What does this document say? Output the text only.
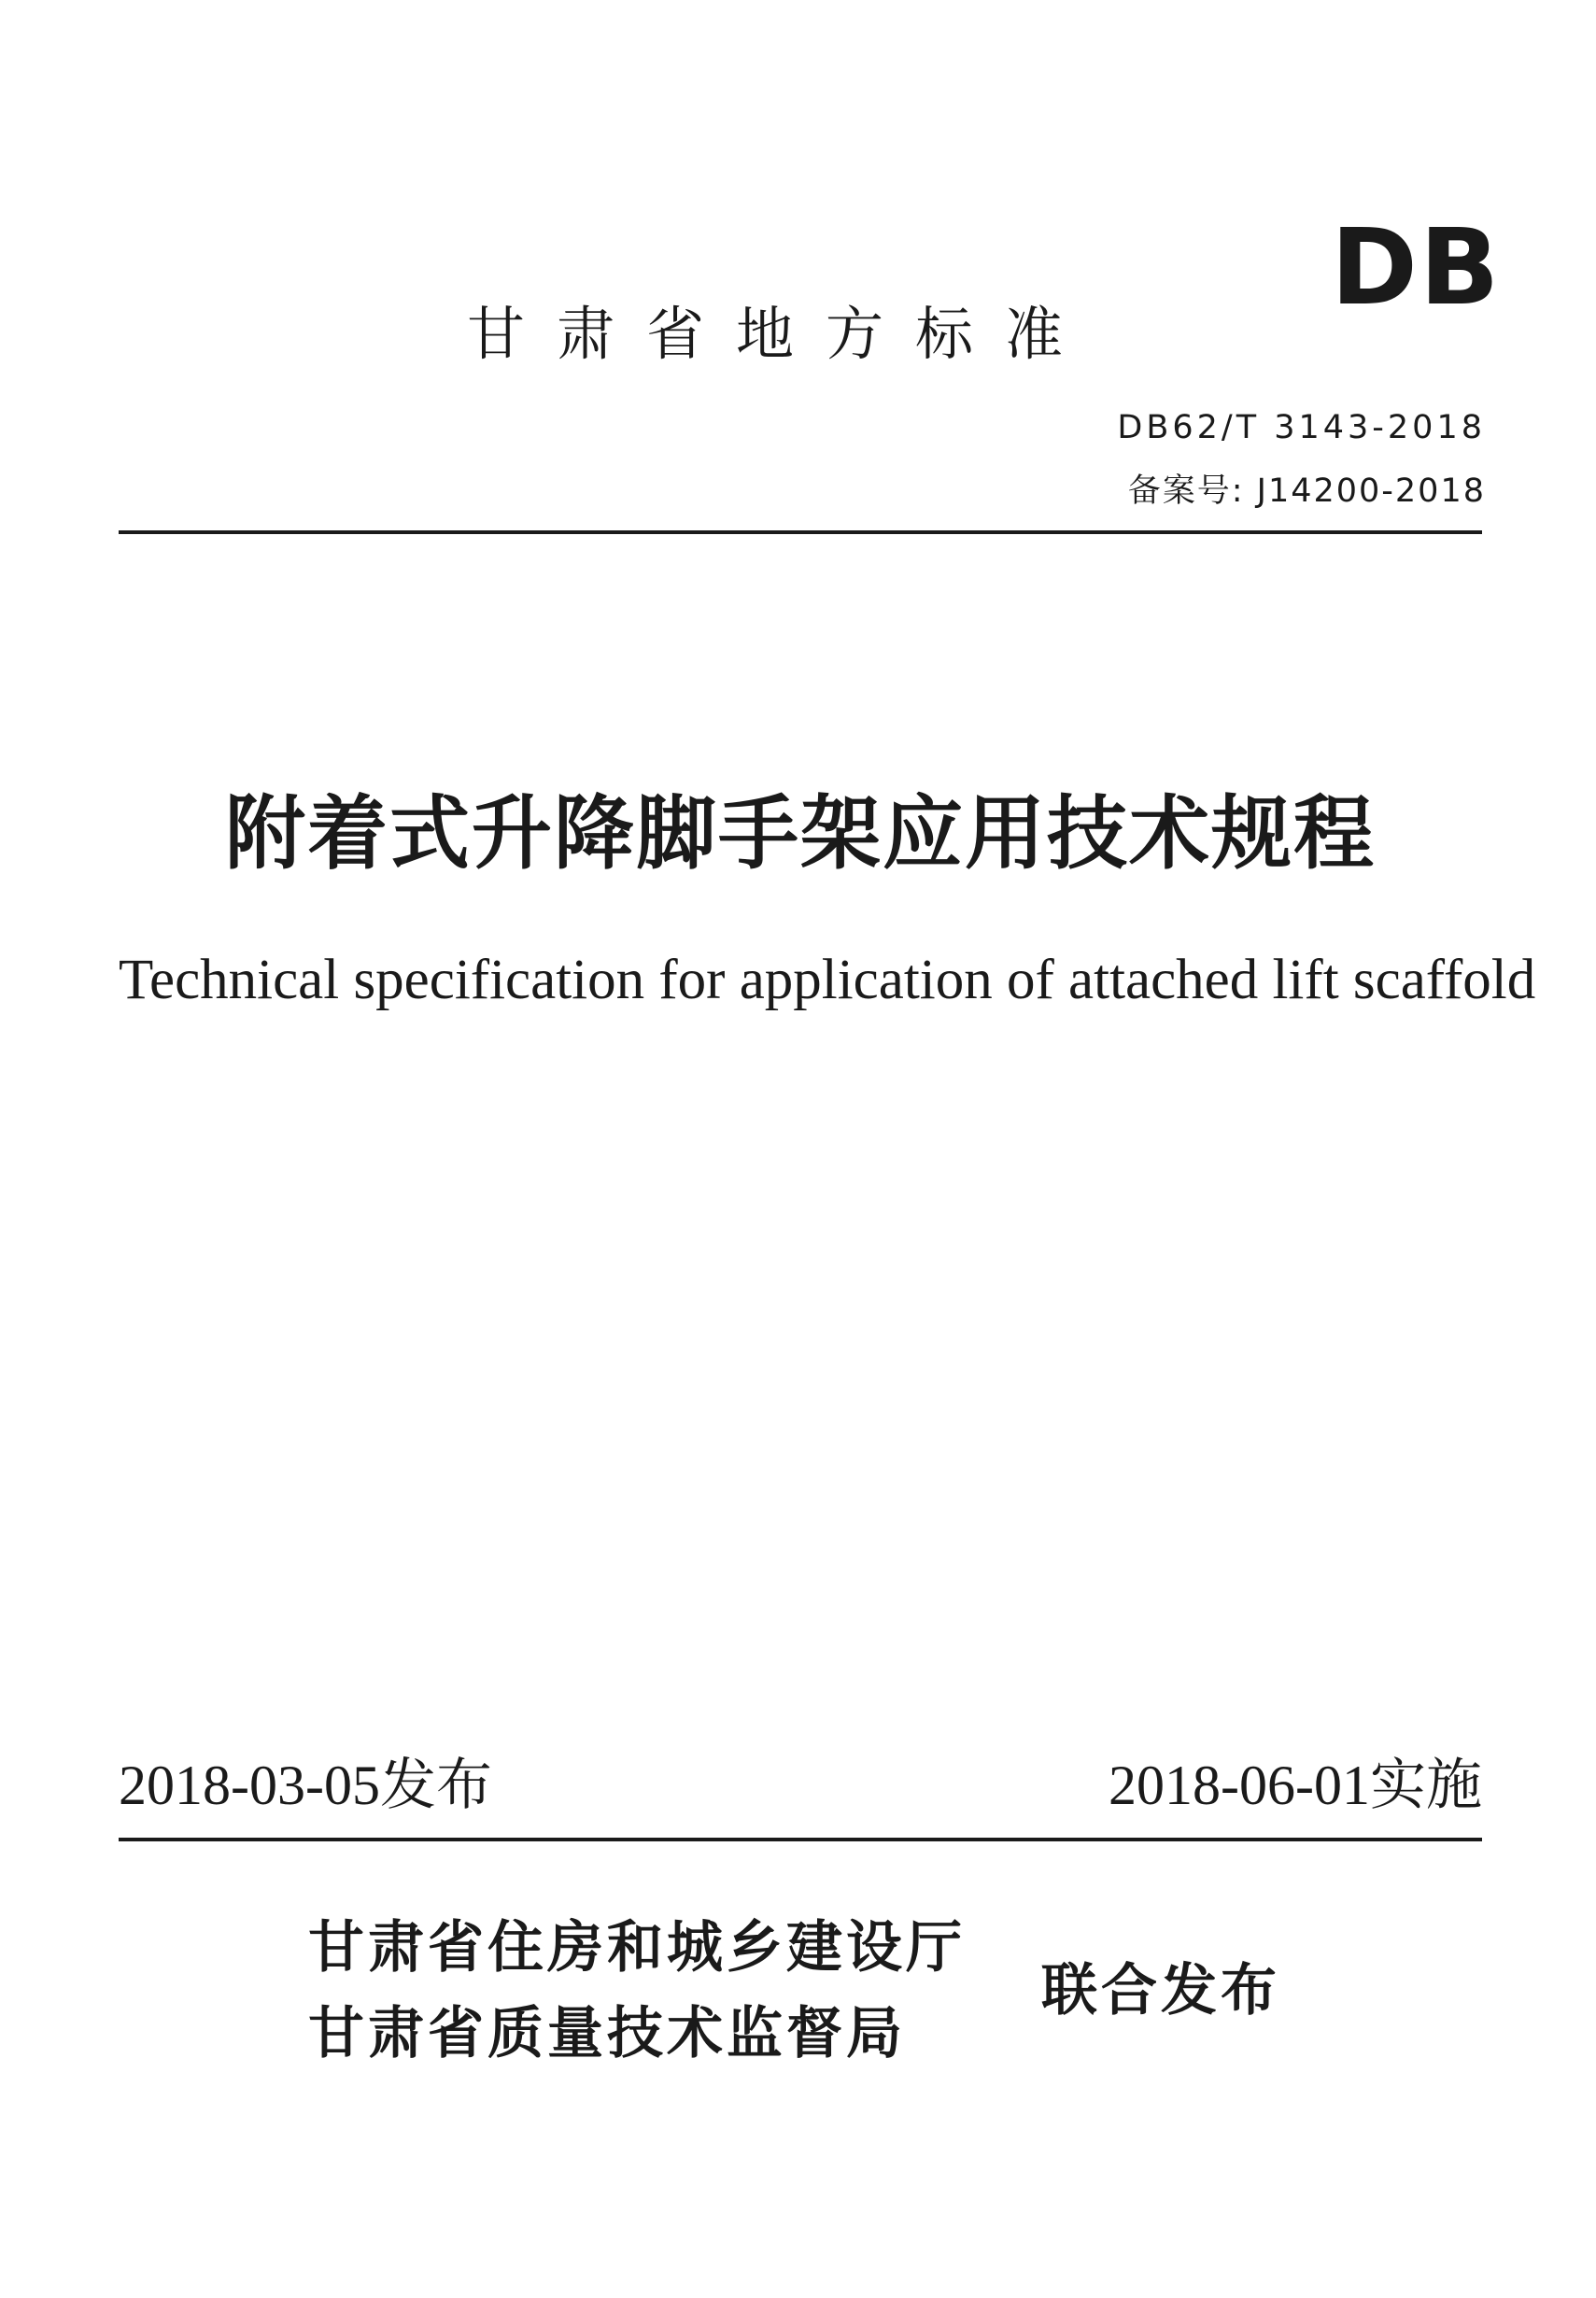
DB
甘肃省地方标准
DB62/T 3143-2018
备案号: J14200-2018
附着式升降脚手架应用技术规程
Technical specification for application of attached lift scaffold
2018-03-05发布	2018-06-01实施
甘肃省住房和城乡建设厅
甘肃省质量技术监督局
联合发布
